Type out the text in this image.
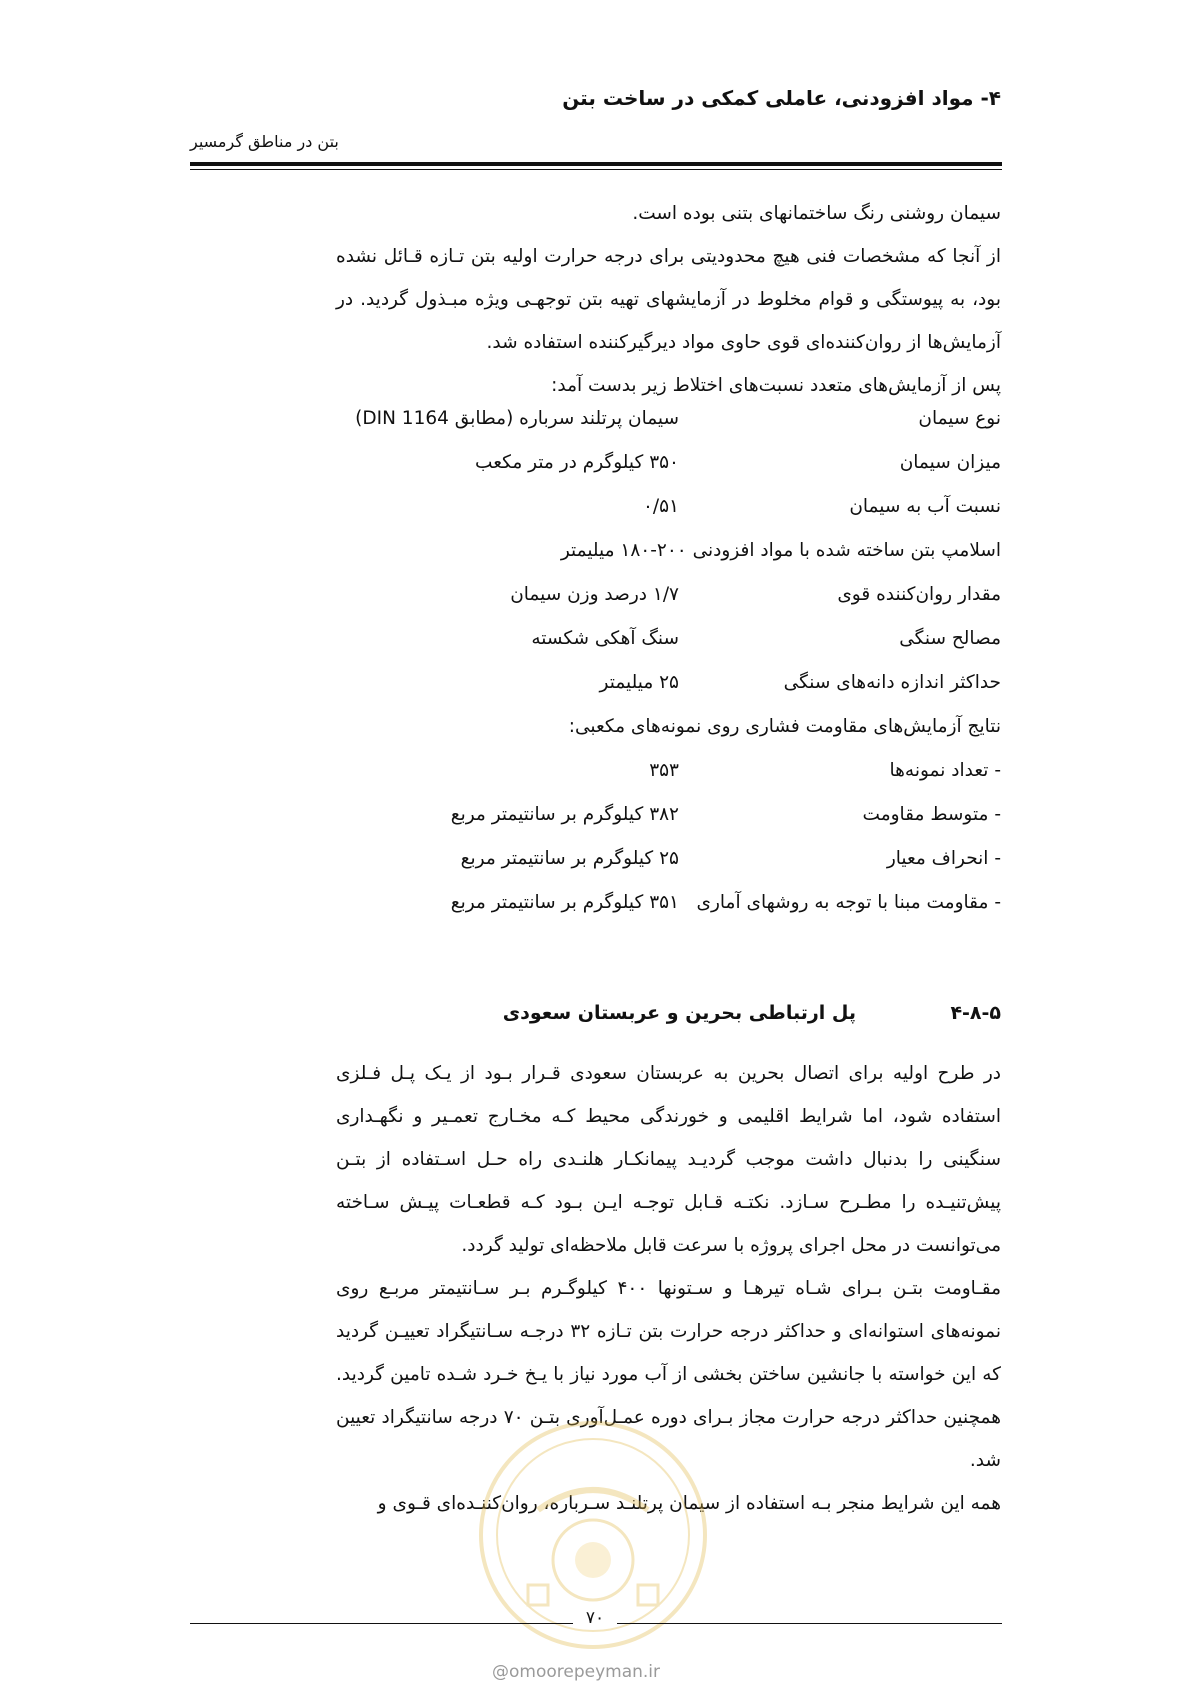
۴- مواد افزودنی، عاملی کمکی در ساخت بتن
بتن در مناطق گرمسیر
سیمان روشنی رنگ ساختمانهای بتنی بوده است.
از آنجا که مشخصات فنی هیچ محدودیتی برای درجه حرارت اولیه بتن تـازه قـائل نشده بود، به پیوستگی و قوام مخلوط در آزمایشهای تهیه بتن توجهـی ویژه مبـذول گردید. در آزمایش‌ها از روان‌کننده‌ای قوی حاوی مواد دیرگیرکننده استفاده شد.
پس از آزمایش‌های متعدد نسبت‌های اختلاط زیر بدست آمد:
نوع سیمان
سیمان پرتلند سرباره (مطابق DIN 1164)
میزان سیمان
۳۵۰ کیلوگرم در متر مکعب
نسبت آب به سیمان
۰/۵۱
اسلامپ بتن ساخته شده با مواد افزودنی ۲۰۰-۱۸۰ میلیمتر
مقدار روان‌کننده قوی
۱/۷ درصد وزن سیمان
مصالح سنگی
سنگ آهکی شکسته
حداکثر اندازه دانه‌های سنگی
۲۵ میلیمتر
نتایج آزمایش‌های مقاومت فشاری روی نمونه‌های مکعبی:
- تعداد نمونه‌ها
۳۵۳
- متوسط مقاومت
۳۸۲ کیلوگرم بر سانتیمتر مربع
- انحراف معیار
۲۵ کیلوگرم بر سانتیمتر مربع
- مقاومت مبنا با توجه به روشهای آماری
۳۵۱ کیلوگرم بر سانتیمتر مربع
۴-۸-۵
پل ارتباطی بحرین و عربستان سعودی
در طرح اولیه برای اتصال بحرین به عربستان سعودی قـرار بـود از یـک پـل فـلزی استفاده شود، اما شرایط اقلیمی و خورندگی محیط کـه مخـارج تعمـیر و نگهـداری سنگینی را بدنبال داشت موجب گردیـد پیمانکـار هلنـدی راه حـل اسـتفاده از بتـن پیش‌تنیـده را مطـرح سـازد. نکتـه قـابل توجـه ایـن بـود کـه قطعـات پیـش سـاخته می‌توانست در محل اجرای پروژه با سرعت قابل ملاحظه‌ای تولید گردد.
مقـاومت بتـن بـرای شـاه تیرهـا و سـتونها ۴۰۰ کیلوگـرم بـر سـانتیمتر مربـع روی نمونه‌های استوانه‌ای و حداکثر درجه حرارت بتن تـازه ۳۲ درجـه سـانتیگراد تعییـن گردید که این خواسته با جانشین ساختن بخشی از آب مورد نیاز با یـخ خـرد شـده تامین گردید. همچنین حداکثر درجه حرارت مجاز بـرای دوره عمـل‌آوری بتـن ۷۰ درجه سانتیگراد تعیین شد.
همه این شرایط منجر بـه استفاده از سیمان پرتلنـد سـرباره، روان‌کننـده‌ای قـوی و
۷۰
@omoorepeyman.ir
